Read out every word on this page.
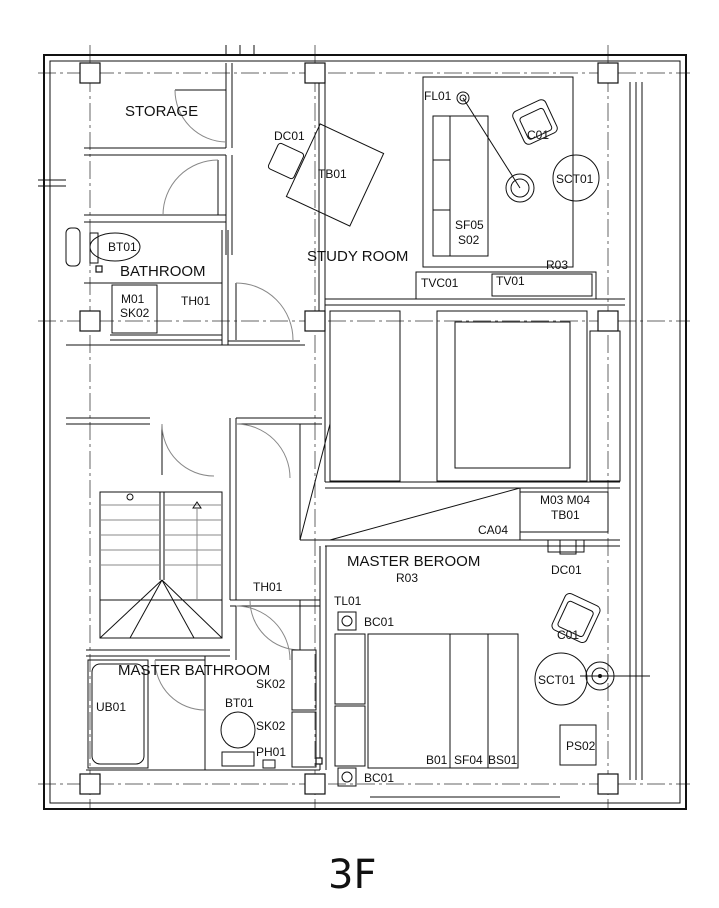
STORAGE
STUDY ROOM
BATHROOM
MASTER BEROOM
MASTER BATHROOM
DC01
TB01
FL01
C01
SCT01
SF05
S02
R03
TVC01	TV01
BT01
M01
SK02
TH01
M03 M04
TB01
CA04
DC01
R03
TH01
TL01
BC01
C01
SCT01
SK02
UB01	BT01
SK02
PH01
B01 SF04 BS01
PS02
BC01
3F
